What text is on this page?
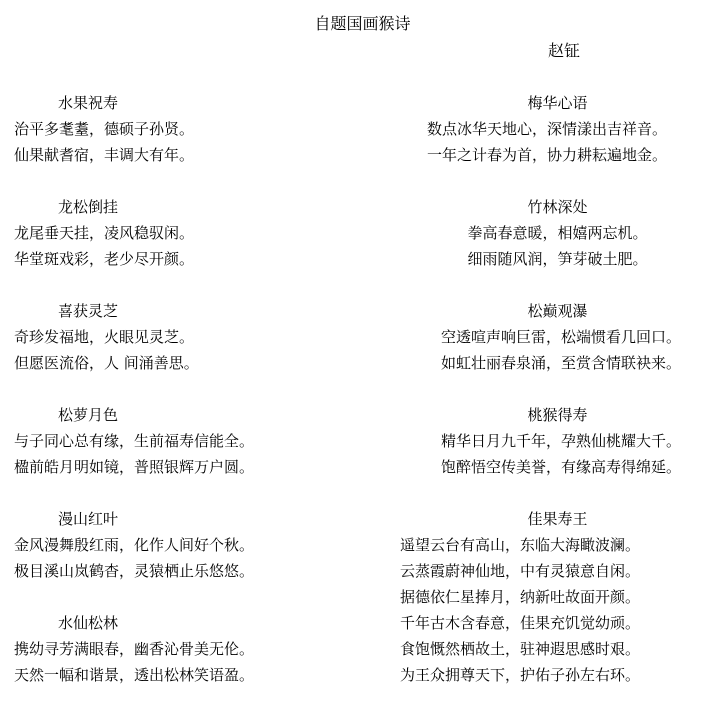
自题国画猴诗
赵钲
水果祝寿
治平多耄耋，德硕子孙贤。
仙果献耆宿，丰调大有年。
龙松倒挂
龙尾垂天挂，凌风稳驭闲。
华堂斑戏彩，老少尽开颜。
喜获灵芝
奇珍发福地，火眼见灵芝。
但愿医流俗，人 间涌善思。
松萝月色
与子同心总有缘，生前福寿信能全。
楹前皓月明如镜，普照银辉万户圆。
漫山红叶
金风漫舞殷红雨，化作人间好个秋。
极目溪山岚鹤杳，灵猿栖止乐悠悠。
水仙松林
携幼寻芳满眼春，幽香沁骨美无伦。
天然一幅和谐景，透出松林笑语盈。
梅华心语
数点冰华天地心，深情漾出吉祥音。
一年之计春为首，协力耕耘遍地金。
竹林深处
拳高春意暖，相嬉两忘机。
细雨随风润，笋芽破土肥。
松巅观瀑
空透喧声响巨雷，松端惯看几回口。
如虹壮丽春泉涌，至赏含情联袂来。
桃猴得寿
精华日月九千年，孕熟仙桃耀大千。
饱醉悟空传美誉，有缘高寿得绵延。
佳果寿王
遥望云台有高山，东临大海瞰波澜。
云蒸霞蔚神仙地，中有灵猿意自闲。
据德依仁星捧月，纳新吐故面开颜。
千年古木含春意，佳果充饥觉幼顽。
食饱慨然栖故土，驻神遐思感时艰。
为王众拥尊天下，护佑子孙左右环。
